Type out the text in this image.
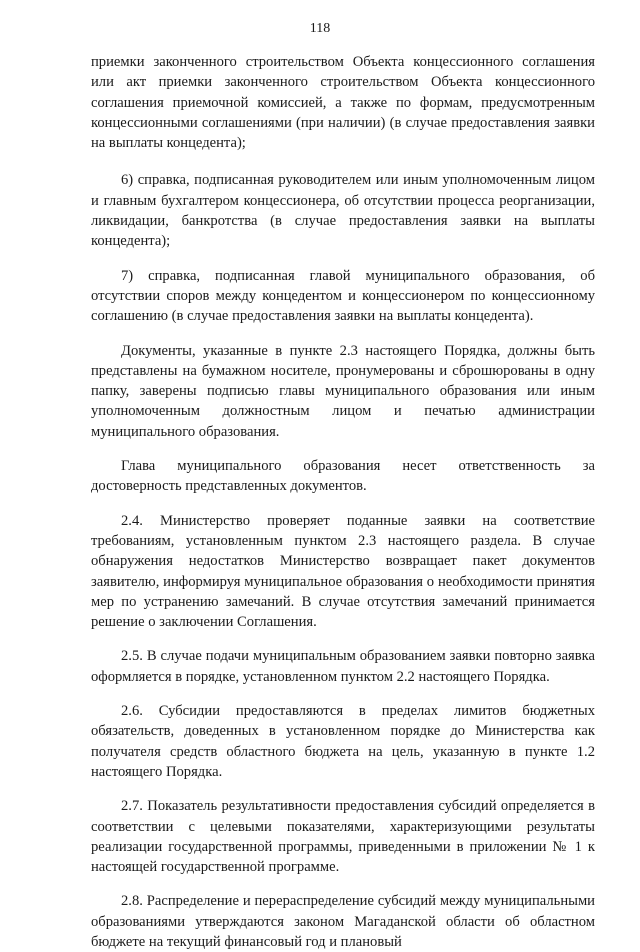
118

приемки законченного строительством Объекта концессионного соглашения или акт приемки законченного строительством Объекта концессионного соглашения приемочной комиссией, а также по формам, предусмотренным концессионными соглашениями (при наличии) (в случае предоставления заявки на выплаты концедента);

6) справка, подписанная руководителем или иным уполномоченным лицом и главным бухгалтером концессионера, об отсутствии процесса реорганизации, ликвидации, банкротства (в случае предоставления заявки на выплаты концедента);

7) справка, подписанная главой муниципального образования, об отсутствии споров между концедентом и концессионером по концессионному соглашению (в случае предоставления заявки на выплаты концедента).

Документы, указанные в пункте 2.3 настоящего Порядка, должны быть представлены на бумажном носителе, пронумерованы и сброшюрованы в одну папку, заверены подписью главы муниципального образования или иным уполномоченным должностным лицом и печатью администрации муниципального образования.

Глава муниципального образования несет ответственность за достоверность представленных документов.

2.4. Министерство проверяет поданные заявки на соответствие требованиям, установленным пунктом 2.3 настоящего раздела. В случае обнаружения недостатков Министерство возвращает пакет документов заявителю, информируя муниципальное образования о необходимости принятия мер по устранению замечаний. В случае отсутствия замечаний принимается решение о заключении Соглашения.

2.5. В случае подачи муниципальным образованием заявки повторно заявка оформляется в порядке, установленном пунктом 2.2 настоящего Порядка.

2.6. Субсидии предоставляются в пределах лимитов бюджетных обязательств, доведенных в установленном порядке до Министерства как получателя средств областного бюджета на цель, указанную в пункте 1.2 настоящего Порядка.

2.7. Показатель результативности предоставления субсидий определяется в соответствии с целевыми показателями, характеризующими результаты реализации государственной программы, приведенными в приложении № 1 к настоящей государственной программе.

2.8. Распределение и перераспределение субсидий между муниципальными образованиями утверждаются законом Магаданской области об областном бюджете на текущий финансовый год и плановый
